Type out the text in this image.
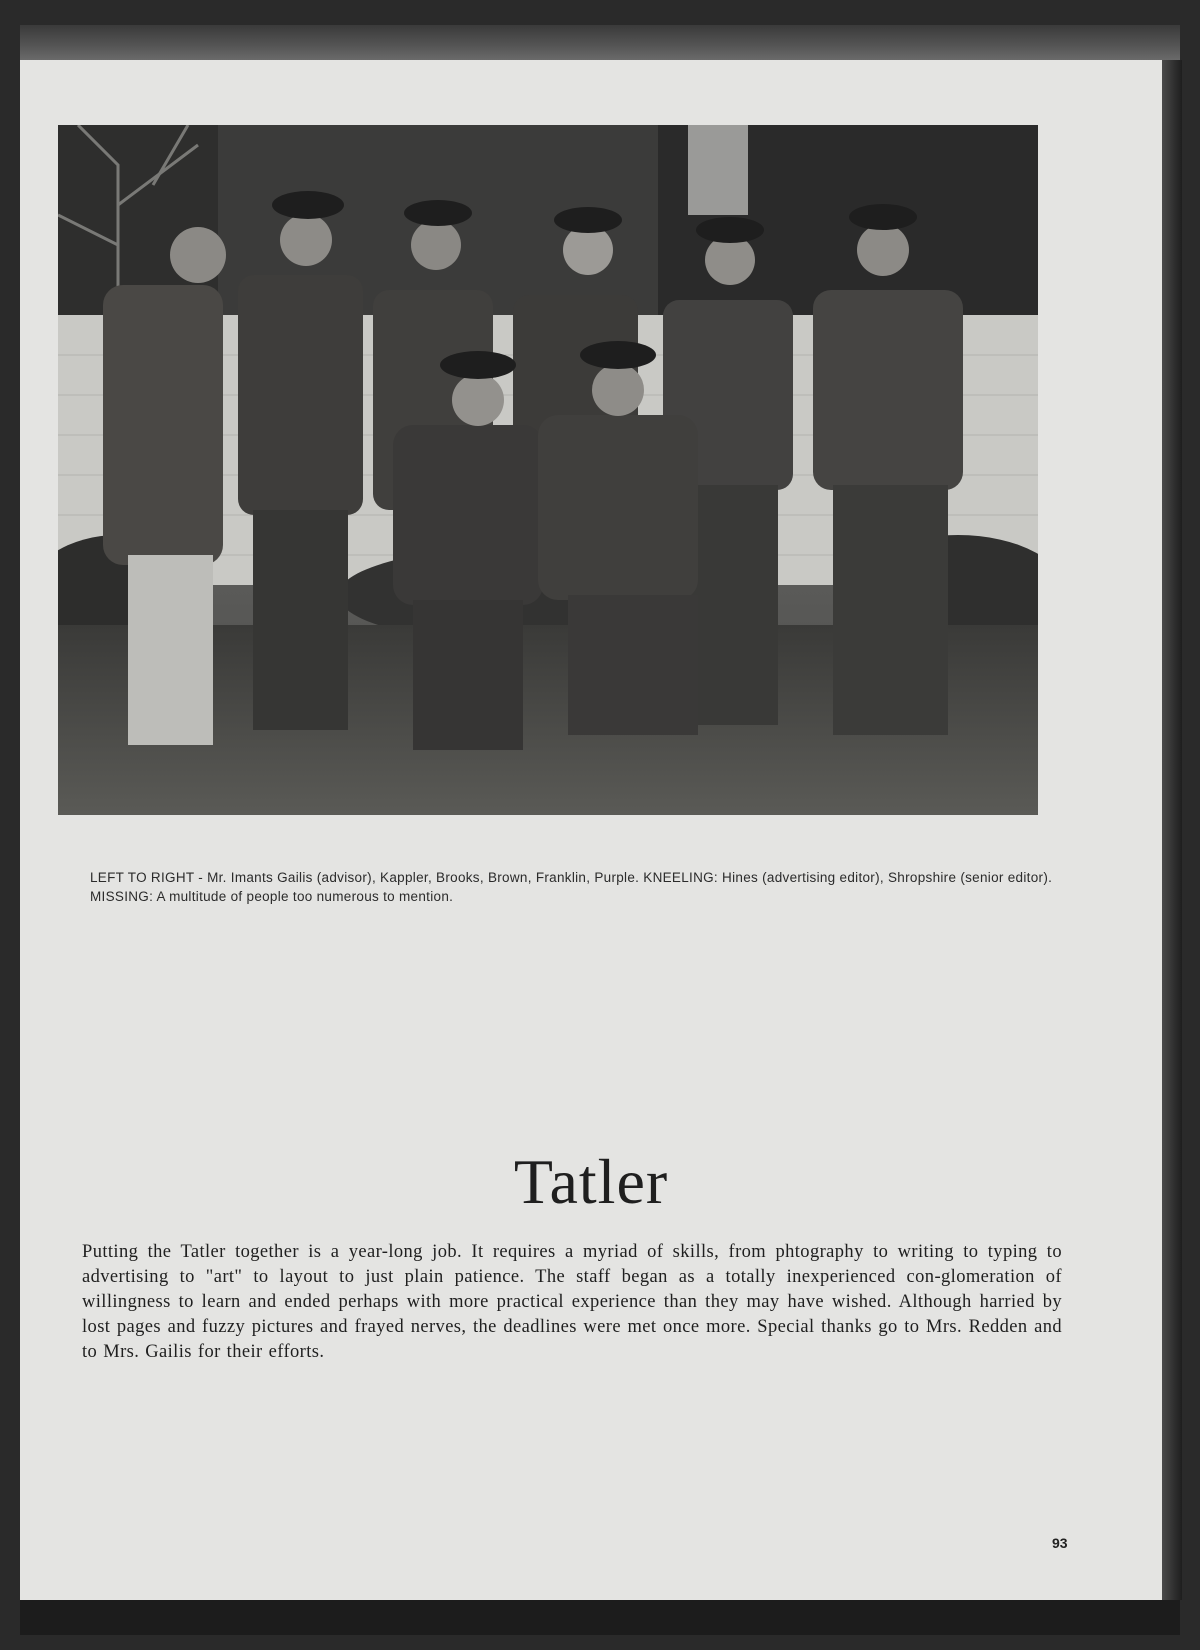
LEFT TO RIGHT - Mr. Imants Gailis (advisor), Kappler, Brooks, Brown, Franklin, Purple. KNEELING: Hines (advertising editor), Shropshire (senior editor). MISSING: A multitude of people too numerous to mention.
Tatler
Putting the Tatler together is a year-long job. It requires a myriad of skills, from phtography to writing to typing to advertising to "art" to layout to just plain patience. The staff began as a totally inexperienced con-glomeration of willingness to learn and ended perhaps with more practical experience than they may have wished. Although harried by lost pages and fuzzy pictures and frayed nerves, the deadlines were met once more. Special thanks go to Mrs. Redden and to Mrs. Gailis for their efforts.
93
